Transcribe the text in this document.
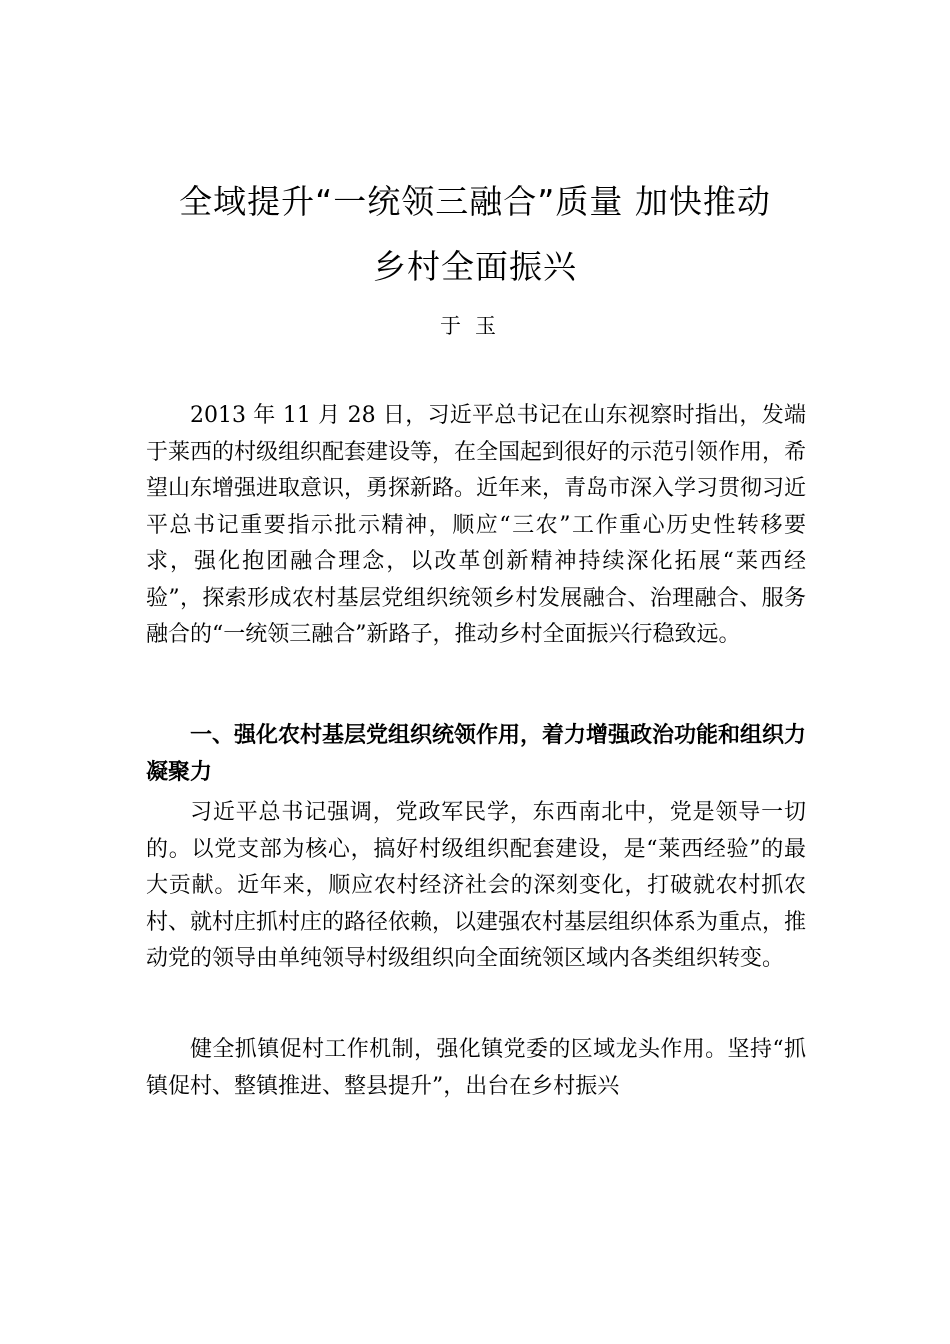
全域提升“一统领三融合”质量 加快推动
乡村全面振兴
于玉

2013 年 11 月 28 日，习近平总书记在山东视察时指出，发端于莱西的村级组织配套建设等，在全国起到很好的示范引领作用，希望山东增强进取意识，勇探新路。近年来，青岛市深入学习贯彻习近平总书记重要指示批示精神，顺应“三农”工作重心历史性转移要求，强化抱团融合理念，以改革创新精神持续深化拓展“莱西经验”，探索形成农村基层党组织统领乡村发展融合、治理融合、服务融合的“一统领三融合”新路子，推动乡村全面振兴行稳致远。

一、强化农村基层党组织统领作用，着力增强政治功能和组织力凝聚力

习近平总书记强调，党政军民学，东西南北中，党是领导一切的。以党支部为核心，搞好村级组织配套建设，是“莱西经验”的最大贡献。近年来，顺应农村经济社会的深刻变化，打破就农村抓农村、就村庄抓村庄的路径依赖，以建强农村基层组织体系为重点，推动党的领导由单纯领导村级组织向全面统领区域内各类组织转变。

健全抓镇促村工作机制，强化镇党委的区域龙头作用。坚持“抓镇促村、整镇推进、整县提升”，出台在乡村振兴
